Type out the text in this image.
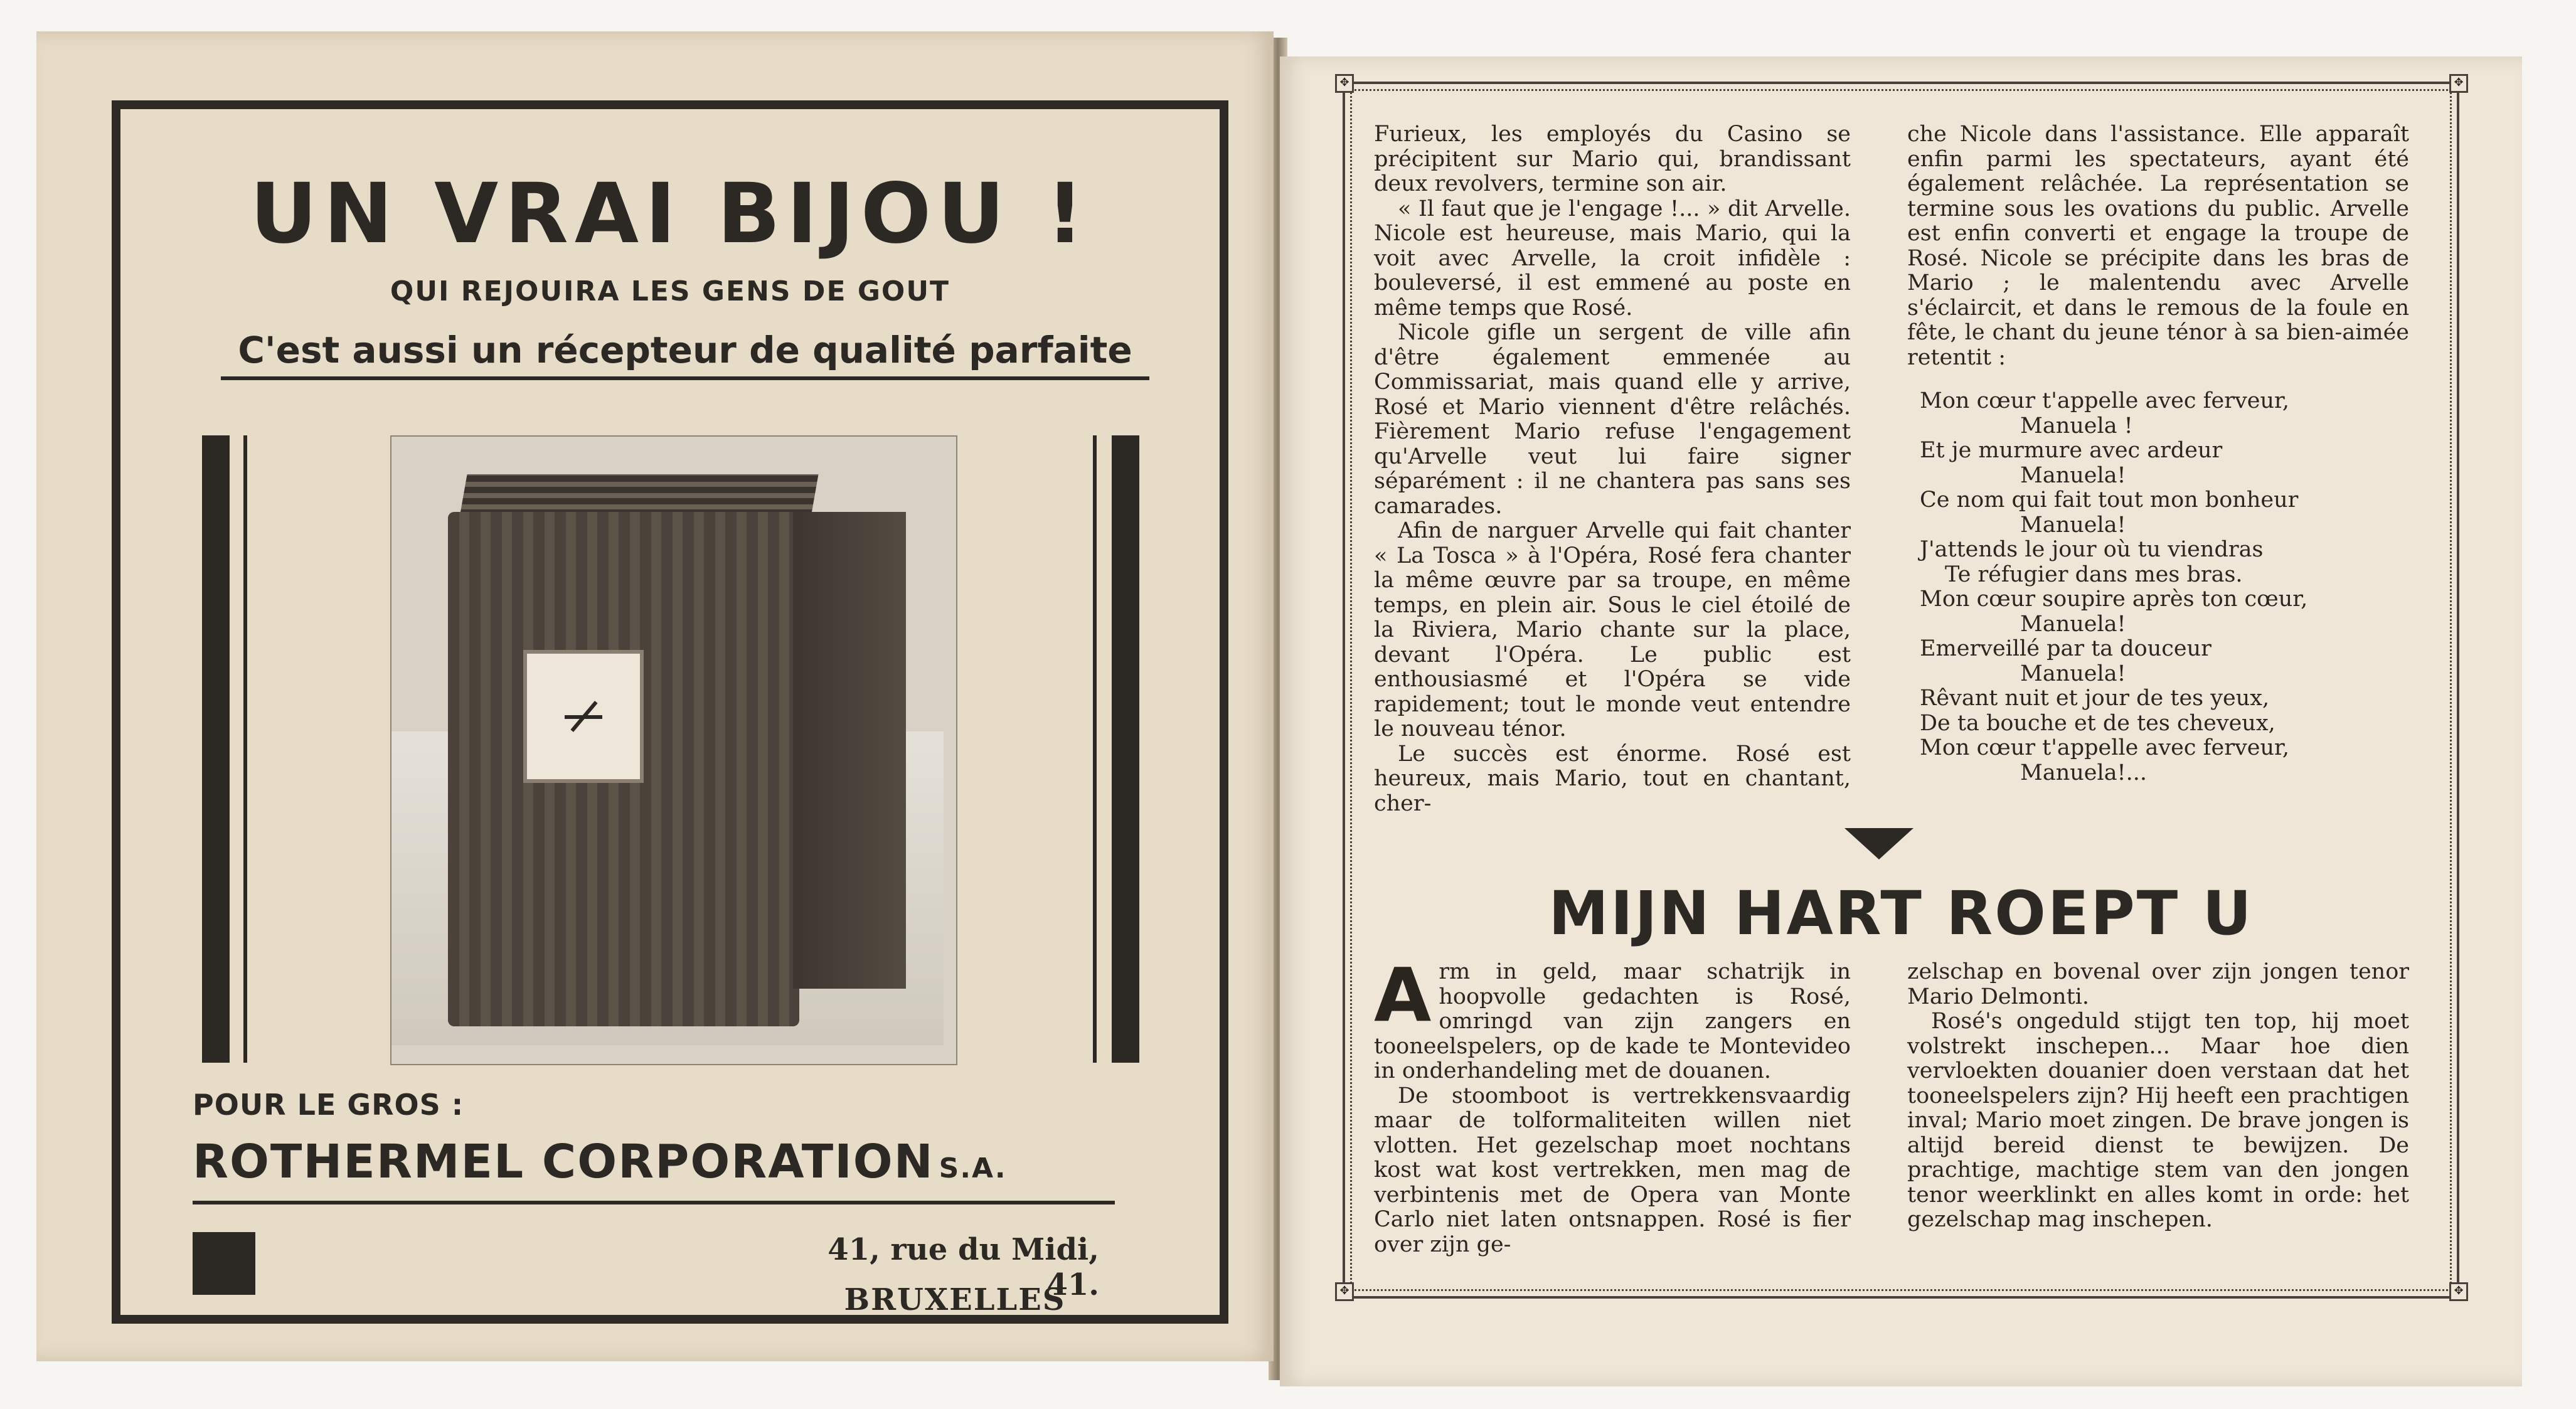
UN VRAI BIJOU !
QUI REJOUIRA LES GENS DE GOUT
C'est aussi un récepteur de qualité parfaite
POUR LE GROS :
ROTHERMEL CORPORATION S.A.
41, rue du Midi, 41.
BRUXELLES
✥	✥
✥	✥

Furieux, les employés du Casino se précipitent sur Mario qui, brandissant deux revolvers, termine son air.

« Il faut que je l'engage !... » dit Arvelle. Nicole est heureuse, mais Mario, qui la voit avec Arvelle, la croit infidèle : bouleversé, il est emmené au poste en même temps que Rosé.

Nicole gifle un sergent de ville afin d'être également emmenée au Commissariat, mais quand elle y arrive, Rosé et Mario viennent d'être relâchés. Fièrement Mario refuse l'engagement qu'Arvelle veut lui faire signer séparément : il ne chantera pas sans ses camarades.

Afin de narguer Arvelle qui fait chanter « La Tosca » à l'Opéra, Rosé fera chanter la même œuvre par sa troupe, en même temps, en plein air. Sous le ciel étoilé de la Riviera, Mario chante sur la place, devant l'Opéra. Le public est enthousiasmé et l'Opéra se vide rapidement; tout le monde veut entendre le nouveau ténor.

Le succès est énorme. Rosé est heureux, mais Mario, tout en chantant, cher-

che Nicole dans l'assistance. Elle apparaît enfin parmi les spectateurs, ayant été également relâchée. La représentation se termine sous les ovations du public. Arvelle est enfin converti et engage la troupe de Rosé. Nicole se précipite dans les bras de Mario ; le malentendu avec Arvelle s'éclaircit, et dans le remous de la foule en fête, le chant du jeune ténor à sa bien-aimée retentit :

Mon cœur t'appelle avec ferveur,
Manuela !
Et je murmure avec ardeur
Manuela!
Ce nom qui fait tout mon bonheur
Manuela!
J'attends le jour où tu viendras
Te réfugier dans mes bras.
Mon cœur soupire après ton cœur,
Manuela!
Emerveillé par ta douceur
Manuela!
Rêvant nuit et jour de tes yeux,
De ta bouche et de tes cheveux,
Mon cœur t'appelle avec ferveur,
Manuela!...
MIJN HART ROEPT U

Arm in geld, maar schatrijk in hoopvolle gedachten is Rosé, omringd van zijn zangers en tooneelspelers, op de kade te Montevideo in onderhandeling met de douanen.

De stoomboot is vertrekkensvaardig maar de tolformaliteiten willen niet vlotten. Het gezelschap moet nochtans kost wat kost vertrekken, men mag de verbintenis met de Opera van Monte Carlo niet laten ontsnappen. Rosé is fier over zijn ge-

zelschap en bovenal over zijn jongen tenor Mario Delmonti.

Rosé's ongeduld stijgt ten top, hij moet volstrekt inschepen... Maar hoe dien vervloekten douanier doen verstaan dat het tooneelspelers zijn? Hij heeft een prachtigen inval; Mario moet zingen. De brave jongen is altijd bereid dienst te bewijzen. De prachtige, machtige stem van den jongen tenor weerklinkt en alles komt in orde: het gezelschap mag inschepen.
